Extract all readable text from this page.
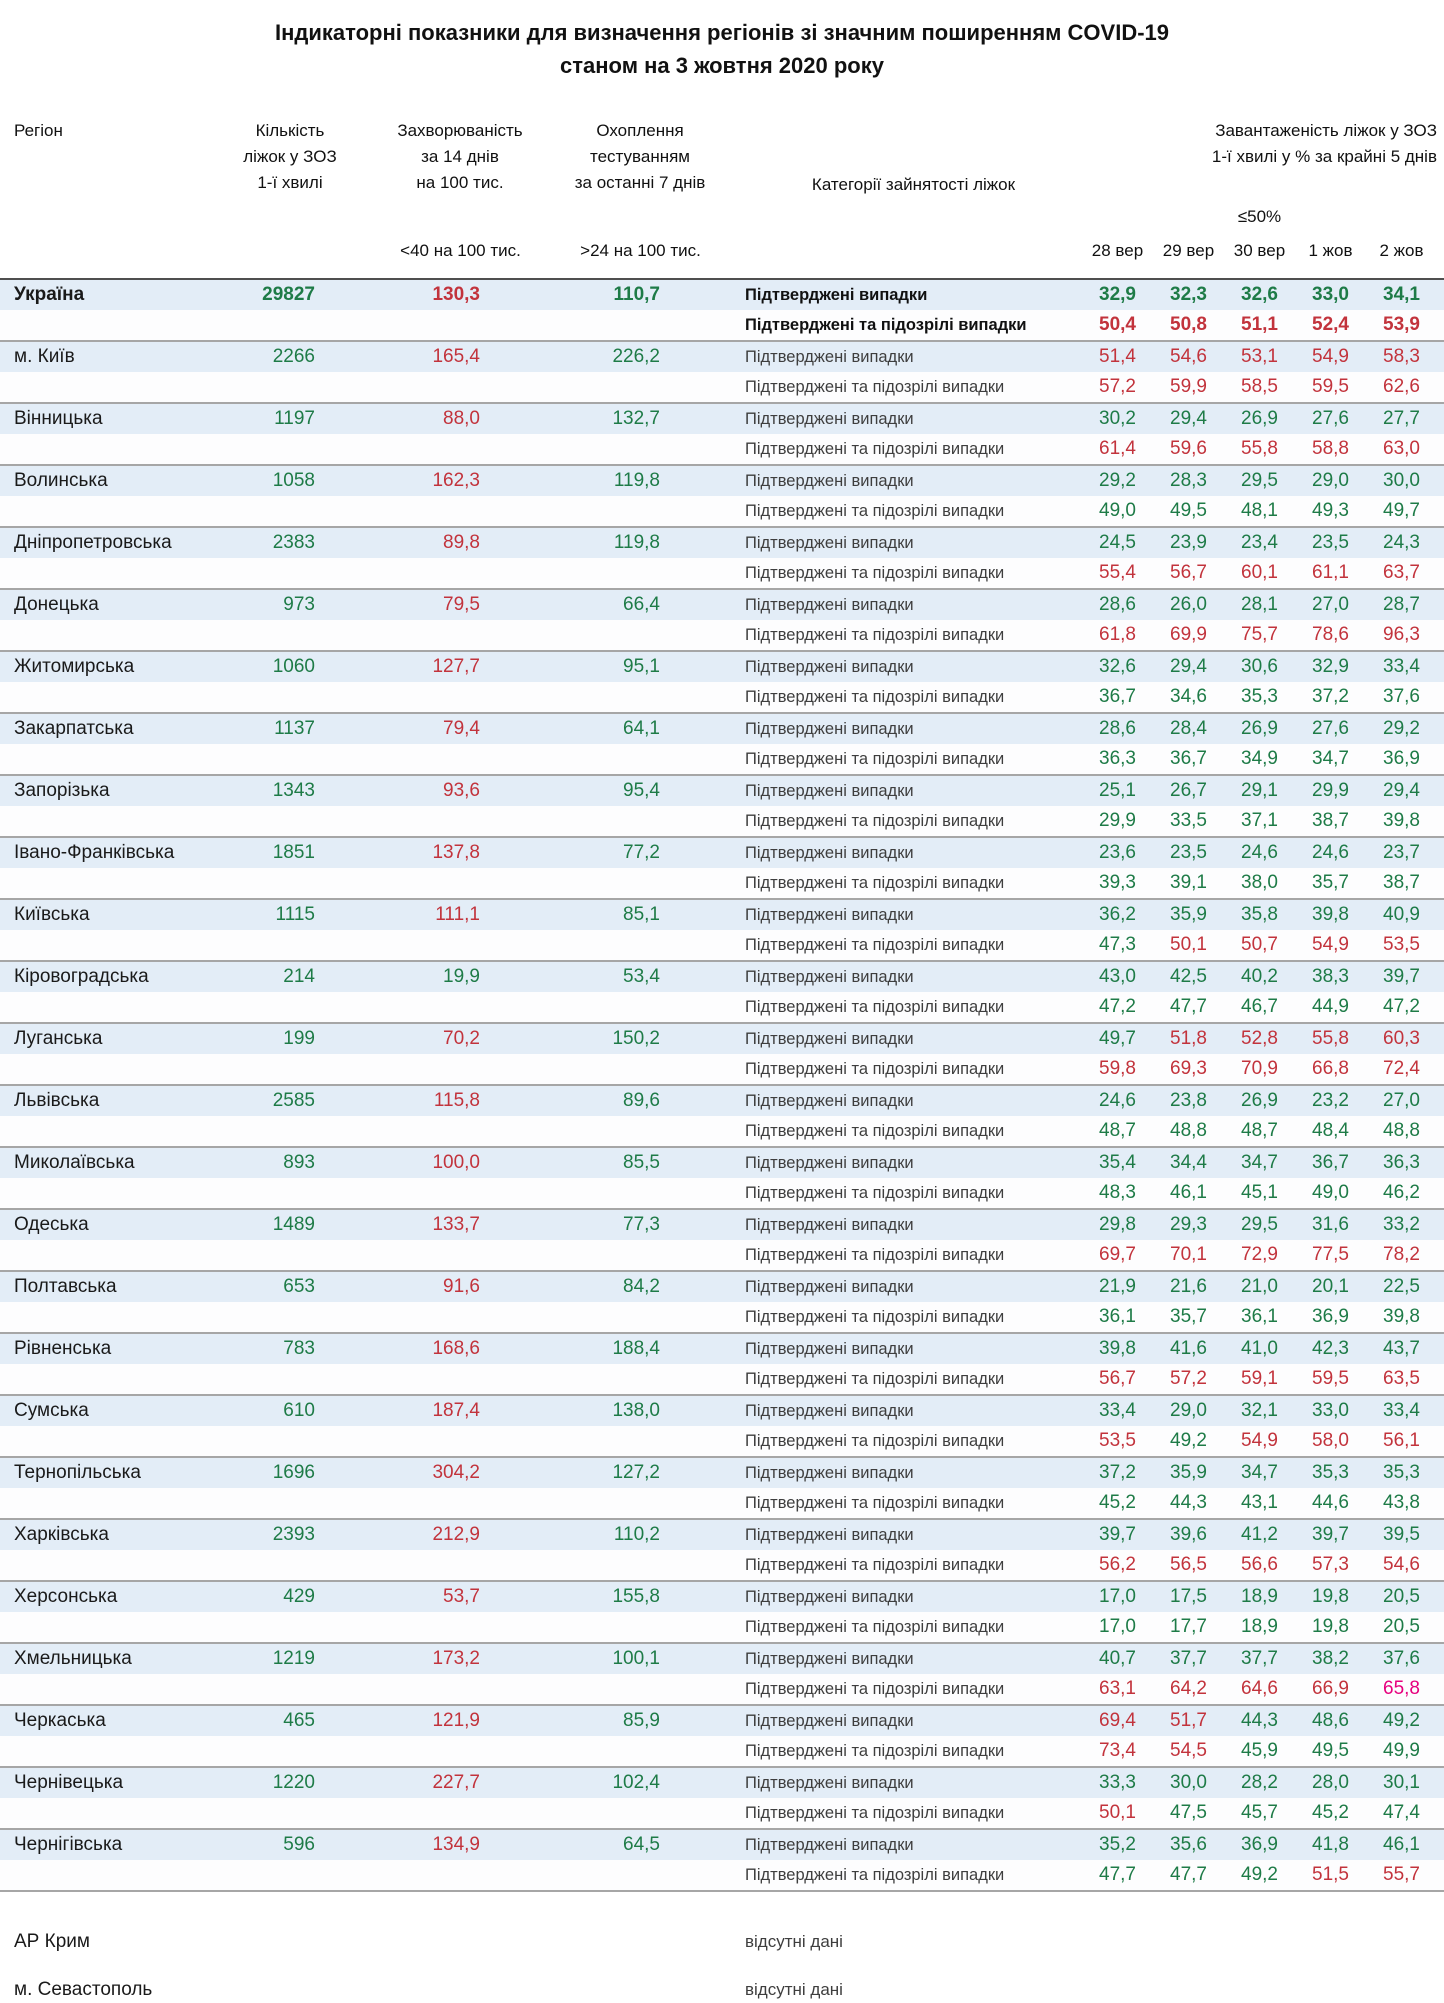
Індикаторні показники для визначення регіонів зі значним поширенням COVID-19
станом на 3 жовтня 2020 року
Регіон	Кількість
ліжок у ЗОЗ
1-ї хвилі
Захворюваність
за 14 днів
на 100 тис.
Охоплення
тестуванням
за останні 7 днів	Категорії зайнятості ліжок
Завантаженість ліжок у ЗОЗ
1-ї хвилі у % за крайні 5 днів
≤50%
<40 на 100 тис.	>24 на 100 тис.	28 вер	29 вер	30 вер	1 жов	2 жов
Україна	29827	130,3	110,7	Підтверджені випадки	32,9	32,3	32,6	33,0	34,1
Підтверджені та підозрілі випадки	50,4	50,8	51,1	52,4	53,9
м. Київ	2266	165,4	226,2	Підтверджені випадки	51,4	54,6	53,1	54,9	58,3
Підтверджені та підозрілі випадки	57,2	59,9	58,5	59,5	62,6
Вінницька	1197	88,0	132,7	Підтверджені випадки	30,2	29,4	26,9	27,6	27,7
Підтверджені та підозрілі випадки	61,4	59,6	55,8	58,8	63,0
Волинська	1058	162,3	119,8	Підтверджені випадки	29,2	28,3	29,5	29,0	30,0
Підтверджені та підозрілі випадки	49,0	49,5	48,1	49,3	49,7
Дніпропетровська	2383	89,8	119,8	Підтверджені випадки	24,5	23,9	23,4	23,5	24,3
Підтверджені та підозрілі випадки	55,4	56,7	60,1	61,1	63,7
Донецька	973	79,5	66,4	Підтверджені випадки	28,6	26,0	28,1	27,0	28,7
Підтверджені та підозрілі випадки	61,8	69,9	75,7	78,6	96,3
Житомирська	1060	127,7	95,1	Підтверджені випадки	32,6	29,4	30,6	32,9	33,4
Підтверджені та підозрілі випадки	36,7	34,6	35,3	37,2	37,6
Закарпатська	1137	79,4	64,1	Підтверджені випадки	28,6	28,4	26,9	27,6	29,2
Підтверджені та підозрілі випадки	36,3	36,7	34,9	34,7	36,9
Запорізька	1343	93,6	95,4	Підтверджені випадки	25,1	26,7	29,1	29,9	29,4
Підтверджені та підозрілі випадки	29,9	33,5	37,1	38,7	39,8
Івано-Франківська	1851	137,8	77,2	Підтверджені випадки	23,6	23,5	24,6	24,6	23,7
Підтверджені та підозрілі випадки	39,3	39,1	38,0	35,7	38,7
Київська	1115	111,1	85,1	Підтверджені випадки	36,2	35,9	35,8	39,8	40,9
Підтверджені та підозрілі випадки	47,3	50,1	50,7	54,9	53,5
Кіровоградська	214	19,9	53,4	Підтверджені випадки	43,0	42,5	40,2	38,3	39,7
Підтверджені та підозрілі випадки	47,2	47,7	46,7	44,9	47,2
Луганська	199	70,2	150,2	Підтверджені випадки	49,7	51,8	52,8	55,8	60,3
Підтверджені та підозрілі випадки	59,8	69,3	70,9	66,8	72,4
Львівська	2585	115,8	89,6	Підтверджені випадки	24,6	23,8	26,9	23,2	27,0
Підтверджені та підозрілі випадки	48,7	48,8	48,7	48,4	48,8
Миколаївська	893	100,0	85,5	Підтверджені випадки	35,4	34,4	34,7	36,7	36,3
Підтверджені та підозрілі випадки	48,3	46,1	45,1	49,0	46,2
Одеська	1489	133,7	77,3	Підтверджені випадки	29,8	29,3	29,5	31,6	33,2
Підтверджені та підозрілі випадки	69,7	70,1	72,9	77,5	78,2
Полтавська	653	91,6	84,2	Підтверджені випадки	21,9	21,6	21,0	20,1	22,5
Підтверджені та підозрілі випадки	36,1	35,7	36,1	36,9	39,8
Рівненська	783	168,6	188,4	Підтверджені випадки	39,8	41,6	41,0	42,3	43,7
Підтверджені та підозрілі випадки	56,7	57,2	59,1	59,5	63,5
Сумська	610	187,4	138,0	Підтверджені випадки	33,4	29,0	32,1	33,0	33,4
Підтверджені та підозрілі випадки	53,5	49,2	54,9	58,0	56,1
Тернопільська	1696	304,2	127,2	Підтверджені випадки	37,2	35,9	34,7	35,3	35,3
Підтверджені та підозрілі випадки	45,2	44,3	43,1	44,6	43,8
Харківська	2393	212,9	110,2	Підтверджені випадки	39,7	39,6	41,2	39,7	39,5
Підтверджені та підозрілі випадки	56,2	56,5	56,6	57,3	54,6
Херсонська	429	53,7	155,8	Підтверджені випадки	17,0	17,5	18,9	19,8	20,5
Підтверджені та підозрілі випадки	17,0	17,7	18,9	19,8	20,5
Хмельницька	1219	173,2	100,1	Підтверджені випадки	40,7	37,7	37,7	38,2	37,6
Підтверджені та підозрілі випадки	63,1	64,2	64,6	66,9	65,8
Черкаська	465	121,9	85,9	Підтверджені випадки	69,4	51,7	44,3	48,6	49,2
Підтверджені та підозрілі випадки	73,4	54,5	45,9	49,5	49,9
Чернівецька	1220	227,7	102,4	Підтверджені випадки	33,3	30,0	28,2	28,0	30,1
Підтверджені та підозрілі випадки	50,1	47,5	45,7	45,2	47,4
Чернігівська	596	134,9	64,5	Підтверджені випадки	35,2	35,6	36,9	41,8	46,1
Підтверджені та підозрілі випадки	47,7	47,7	49,2	51,5	55,7
АР Крим	відсутні дані
м. Севастополь	відсутні дані
